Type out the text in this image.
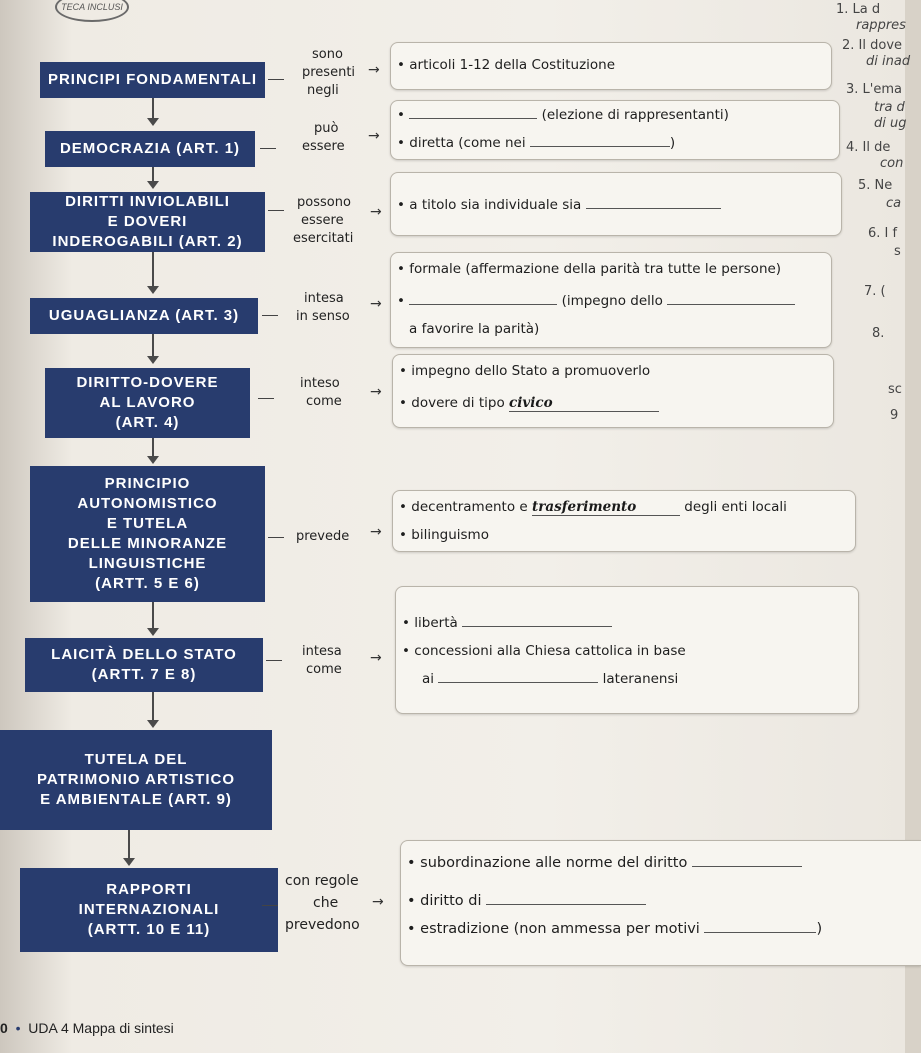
TECA INCLUSI
PRINCIPI FONDAMENTALI
DEMOCRAZIA (ART. 1)
DIRITTI INVIOLABILI
E DOVERI
INDEROGABILI (ART. 2)
UGUAGLIANZA (ART. 3)
DIRITTO-DOVERE
AL LAVORO
(ART. 4)
PRINCIPIO
AUTONOMISTICO
E TUTELA
DELLE MINORANZE
LINGUISTICHE
(ARTT. 5 E 6)
LAICITÀ DELLO STATO
(ARTT. 7 E 8)
TUTELA DEL
PATRIMONIO ARTISTICO
E AMBIENTALE (ART. 9)
RAPPORTI
INTERNAZIONALI
(ARTT. 10 E 11)
sono
presenti
negli
→
può
essere
→
possono
essere
esercitati
→
intesa
in senso
→
inteso
come
→
prevede →
intesa
come
→
con regole
che
prevedono
→
• articoli 1-12 della Costituzione
•	(elezione di rappresentanti)
• diretta (come nei	)
• a titolo sia individuale sia
• formale (affermazione della parità tra tutte le persone)
•	(impegno dello
a favorire la parità)
• impegno dello Stato a promuoverlo
• dovere di tipo civico
• decentramento e trasferimento	degli enti locali
• bilinguismo
• libertà
• concessioni alla Chiesa cattolica in base
ai	lateranensi
• subordinazione alle norme del diritto
• diritto di
• estradizione (non ammessa per motivi	)
1. La d
rappres
2. Il dove
di inad
3. L'ema
tra d
di ug
4. Il de
con
5. Ne
ca
6. I f
s
7. (
8.
sc
9
0  •  UDA 4 Mappa di sintesi
